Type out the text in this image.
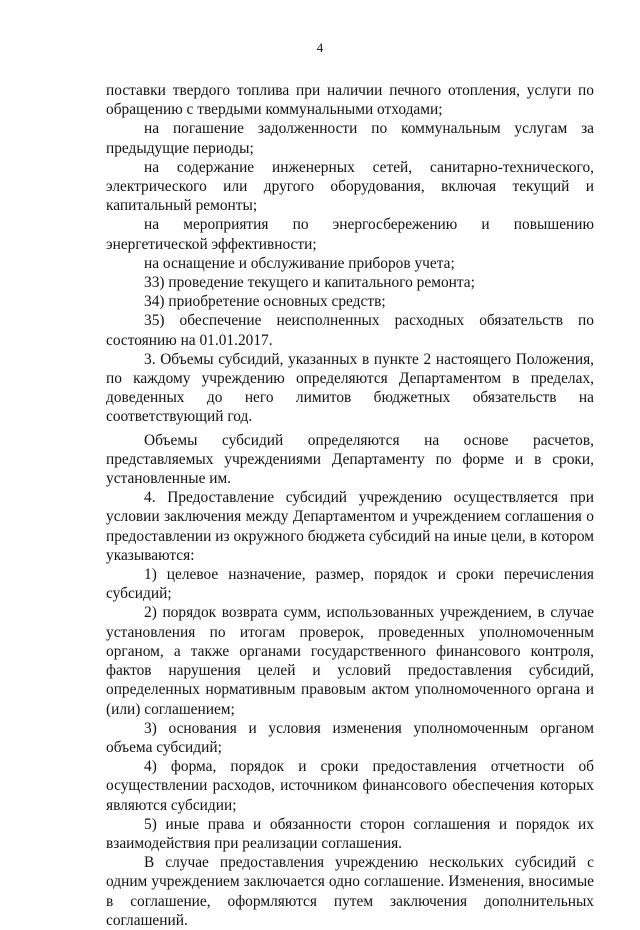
4

поставки твердого топлива при наличии печного отопления, услуги по обращению с твердыми коммунальными отходами;

на погашение задолженности по коммунальным услугам за предыдущие периоды;

на содержание инженерных сетей, санитарно-технического, электрического или другого оборудования, включая текущий и капитальный ремонты;

на мероприятия по энергосбережению и повышению энергетической эффективности;

на оснащение и обслуживание приборов учета;

33) проведение текущего и капитального ремонта;

34) приобретение основных средств;

35) обеспечение неисполненных расходных обязательств по состоянию на 01.01.2017.

3. Объемы субсидий, указанных в пункте 2 настоящего Положения, по каждому учреждению определяются Департаментом в пределах, доведенных до него лимитов бюджетных обязательств на соответствующий год.

Объемы субсидий определяются на основе расчетов, представляемых учреждениями Департаменту по форме и в сроки, установленные им.

4. Предоставление субсидий учреждению осуществляется при условии заключения между Департаментом и учреждением соглашения о предоставлении из окружного бюджета субсидий на иные цели, в котором указываются:

1) целевое назначение, размер, порядок и сроки перечисления субсидий;

2) порядок возврата сумм, использованных учреждением, в случае установления по итогам проверок, проведенных уполномоченным органом, а также органами государственного финансового контроля, фактов нарушения целей и условий предоставления субсидий, определенных нормативным правовым актом уполномоченного органа и (или) соглашением;

3) основания и условия изменения уполномоченным органом объема субсидий;

4) форма, порядок и сроки предоставления отчетности об осуществлении расходов, источником финансового обеспечения которых являются субсидии;

5) иные права и обязанности сторон соглашения и порядок их взаимодействия при реализации соглашения.

В случае предоставления учреждению нескольких субсидий с одним учреждением заключается одно соглашение. Изменения, вносимые в соглашение, оформляются путем заключения дополнительных соглашений.
